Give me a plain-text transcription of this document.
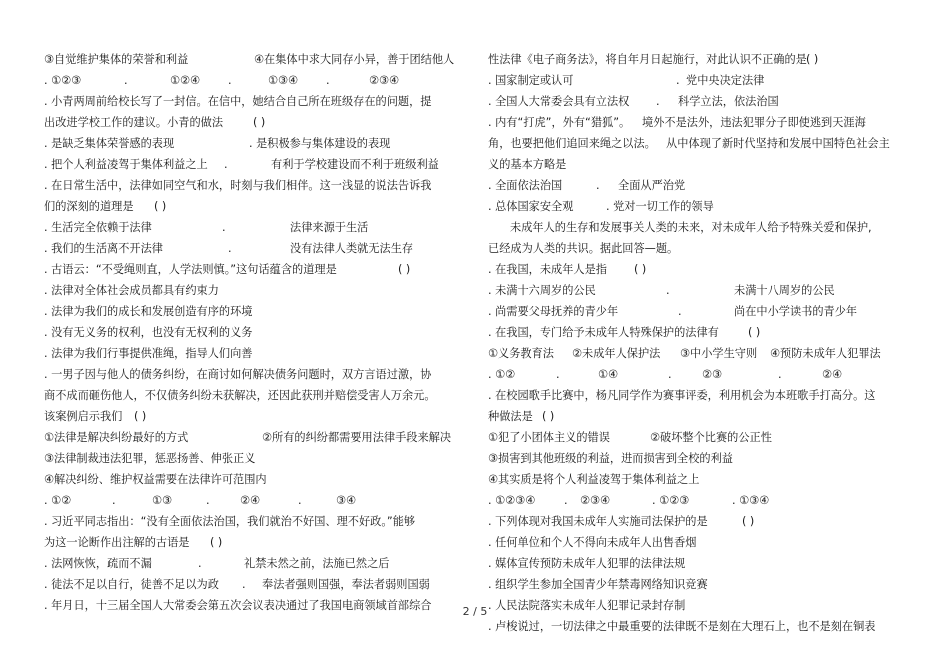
③自觉维护集体的荣誉和利益	④在集体中求大同存小异，善于团结他人
. ①②③	.	①②④ .	①③④ .	②③④
. 小青两周前给校长写了一封信。在信中，她结合自己所在班级存在的问题，提
出改进学校工作的建议。小青的做法	( )
. 是缺乏集体荣誉感的表现	. 是积极参与集体建设的表现
. 把个人利益凌驾于集体利益之上 .	有利于学校建设而不利于班级利益
. 在日常生活中，法律如同空气和水，时刻与我们相伴。这一浅显的说法告诉我
们的深刻的道理是 ( )
. 生活完全依赖于法律	.	法律来源于生活
. 我们的生活离不开法律	.	没有法律人类就无法生存
. 古语云：“不受绳则直，人学法则慎。”这句话蕴含的道理是	( )
. 法律对全体社会成员都具有约束力
. 法律为我们的成长和发展创造有序的环境
. 没有无义务的权利，也没有无权利的义务
. 法律为我们行事提供准绳，指导人们向善
. 一男子因与他人的债务纠纷，在商讨如何解决债务问题时，双方言语过激，协
商不成而砸伤他人，不仅债务纠纷未获解决，还因此获刑并赔偿受害人万余元。
该案例启示我们 ( )
①法律是解决纠纷最好的方式	②所有的纠纷都需要用法律手段来解决
③法律制裁违法犯罪，惩恶扬善、伸张正义
④解决纠纷、维护权益需要在法律许可范围内
. ①②	.	①③	.	②④	.	③④
. 习近平同志指出：“没有全面依法治国，我们就治不好国、理不好政。”能够
为这一论断作出注解的古语是 ( )
. 法网恢恢，疏而不漏	.	礼禁未然之前，法施已然之后
. 徒法不足以自行，徒善不足以为政 . 奉法者强则国强，奉法者弱则国弱
. 年月日，十三届全国人大常委会第五次会议表决通过了我国电商领域首部综合
性法律《电子商务法》，将自年月日起施行，对此认识不正确的是 ( )
. 国家制定或认可	. 党中央决定法律
. 全国人大常委会具有立法权 . 科学立法，依法治国
. 内有“打虎”，外有“猎狐”。 境外不是法外，违法犯罪分子即使逃到天涯海
角，也要把他们追回来绳之以法。 从中体现了新时代坚持和发展中国特色社会主
义的基本方略是
. 全面依法治国	. 全面从严治党
. 总体国家安全观	. 党对一切工作的领导
未成年人的生存和发展事关人类的未来，对未成年人给予特殊关爱和保护,
已经成为人类的共识。据此回答—题。
. 在我国，未成年人是指 ( )
. 未满十六周岁的公民	.	未满十八周岁的公民
. 尚需要父母抚养的青少年	.	尚在中小学读书的青少年
. 在我国，专门给予未成年人特殊保护的法律有	( )
①义务教育法 ②未成年人保护法 ③中小学生守则 ④预防未成年人犯罪法
. ①②	.	①④	.	②③	.	②④
. 在校园歌手比赛中，杨凡同学作为赛事评委，利用机会为本班歌手打高分。这
种做法是 ( )
①犯了小团体主义的错误	②破坏整个比赛的公正性
③损害到其他班级的利益，进而损害到全校的利益
④其实质是将个人利益凌驾于集体利益之上
. ①②③④	. ②③④	. ①②③	. ①③④
. 下列体现对我国未成年人实施司法保护的是	( )
. 任何单位和个人不得向未成年人出售香烟
. 媒体宣传预防未成年人犯罪的法律法规
. 组织学生参加全国青少年禁毒网络知识竞赛
. 人民法院落实未成年人犯罪记录封存制
. 卢梭说过，一切法律之中最重要的法律既不是刻在大理石上，也不是刻在铜表
2 / 5
